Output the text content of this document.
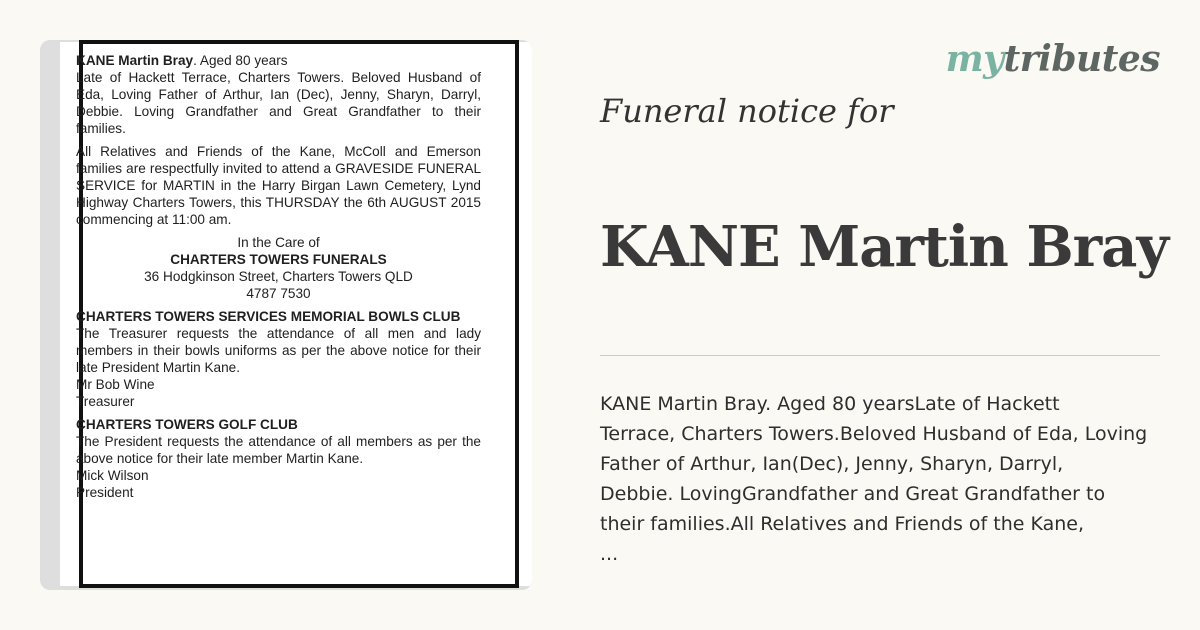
KANE Martin Bray. Aged 80 years

Late of Hackett Terrace, Charters Towers. Beloved Husband of Eda, Loving Father of Arthur, Ian (Dec), Jenny, Sharyn, Darryl, Debbie. Loving Grandfather and Great Grandfather to their families.

All Relatives and Friends of the Kane, McColl and Emerson families are respectfully invited to attend a GRAVESIDE FUNERAL SERVICE for MARTIN in the Harry Birgan Lawn Cemetery, Lynd Highway Charters Towers, this THURSDAY the 6th AUGUST 2015 commencing at 11:00 am.

In the Care of

CHARTERS TOWERS FUNERALS

36 Hodgkinson Street, Charters Towers QLD

4787 7530

CHARTERS TOWERS SERVICES MEMORIAL BOWLS CLUB

The Treasurer requests the attendance of all men and lady members in their bowls uniforms as per the above notice for their late President Martin Kane.

Mr Bob Wine

Treasurer

CHARTERS TOWERS GOLF CLUB

The President requests the attendance of all members as per the above notice for their late member Martin Kane.

Mick Wilson

President

mytributes
Funeral notice for
KANE Martin Bray
KANE Martin Bray. Aged 80 yearsLate of Hackett
Terrace, Charters Towers.Beloved Husband of Eda, Loving
Father of Arthur, Ian(Dec), Jenny, Sharyn, Darryl,
Debbie. LovingGrandfather and Great Grandfather to
their families.All Relatives and Friends of the Kane,
...
